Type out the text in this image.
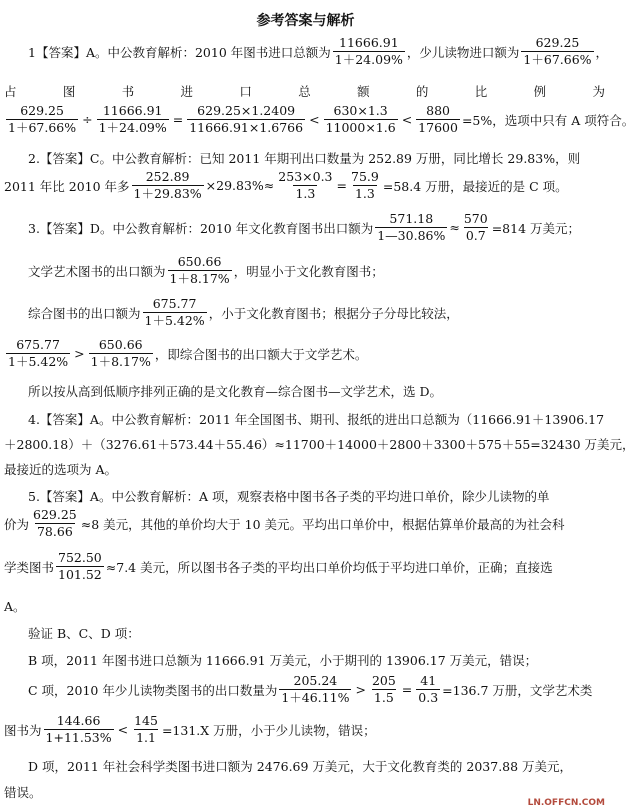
参考答案与解析
1【答案】A。中公教育解析：2010 年图书进口总额为 $\frac{11666.91}{1+24.09\%}$ ，少儿读物进口额为 $\frac{629.25}{1+67.66\%}$ ，
占	图	书	进	口	总	额	的	比	例	为
$\frac{629.25}{1+67.66\%} \div \frac{11666.91}{1+24.09\%} = \frac{629.25\times 1.2409}{11666.91\times 1.6766} < \frac{630\times 1.3}{11000\times 1.6} < \frac{880}{17600} =5\%$，选项中只有 A 项符合。
2.【答案】C。中公教育解析：已知 2011 年期刊出口数量为 252.89 万册，同比增长 29.83%，则
2011 年比 2010 年多 $\frac{252.89}{1+29.83\%} \times 29.83\%\approx \frac{253\times 0.3}{1.3} = \frac{75.9}{1.3} =58.4$ 万册，最接近的是 C 项。
3.【答案】D。中公教育解析：2010 年文化教育图书出口额为 $\frac{571.18}{1—30.86\%} \approx \frac{570}{0.7} =814$ 万美元；
文学艺术图书的出口额为 $\frac{650.66}{1+8.17\%}$ ，明显小于文化教育图书；
综合图书的出口额为 $\frac{675.77}{1+5.42\%}$ ，小于文化教育图书；根据分子分母比较法，
$\frac{675.77}{1+5.42\%} > \frac{650.66}{1+8.17\%}$ ，即综合图书的出口额大于文学艺术。
所以按从高到低顺序排列正确的是文化教育—综合图书—文学艺术，选 D。
4.【答案】A。中公教育解析：2011 年全国图书、期刊、报纸的进出口总额为（11666.91＋13906.17
＋2800.18）＋（3276.61＋573.44＋55.46）≈11700＋14000＋2800＋3300＋575＋55=32430 万美元，
最接近的选项为 A。
5.【答案】A。中公教育解析：A 项，观察表格中图书各子类的平均进口单价，除少儿读物的单
价为 $\frac{629.25}{78.66} \approx 8$ 美元，其他的单价均大于 10 美元。平均出口单价中，根据估算单价最高的为社会科
学类图书 $\frac{752.50}{101.52} \approx 7.4$ 美元，所以图书各子类的平均出口单价均低于平均进口单价，正确；直接选
A。
验证 B、C、D 项：
B 项，2011 年图书进口总额为 11666.91 万美元，小于期刊的 13906.17 万美元，错误；
C 项，2010 年少儿读物类图书的出口数量为 $\frac{205.24}{1+46.11\%} > \frac{205}{1.5} = \frac{41}{0.3} =136.7$ 万册，文学艺术类
图书为 $\frac{144.66}{1+11.53\%} < \frac{145}{1.1} =131.X$ 万册，小于少儿读物，错误；
D 项，2011 年社会科学类图书进口额为 2476.69 万美元，大于文化教育类的 2037.88 万美元，
错误。
LN.OFFCN.COM
